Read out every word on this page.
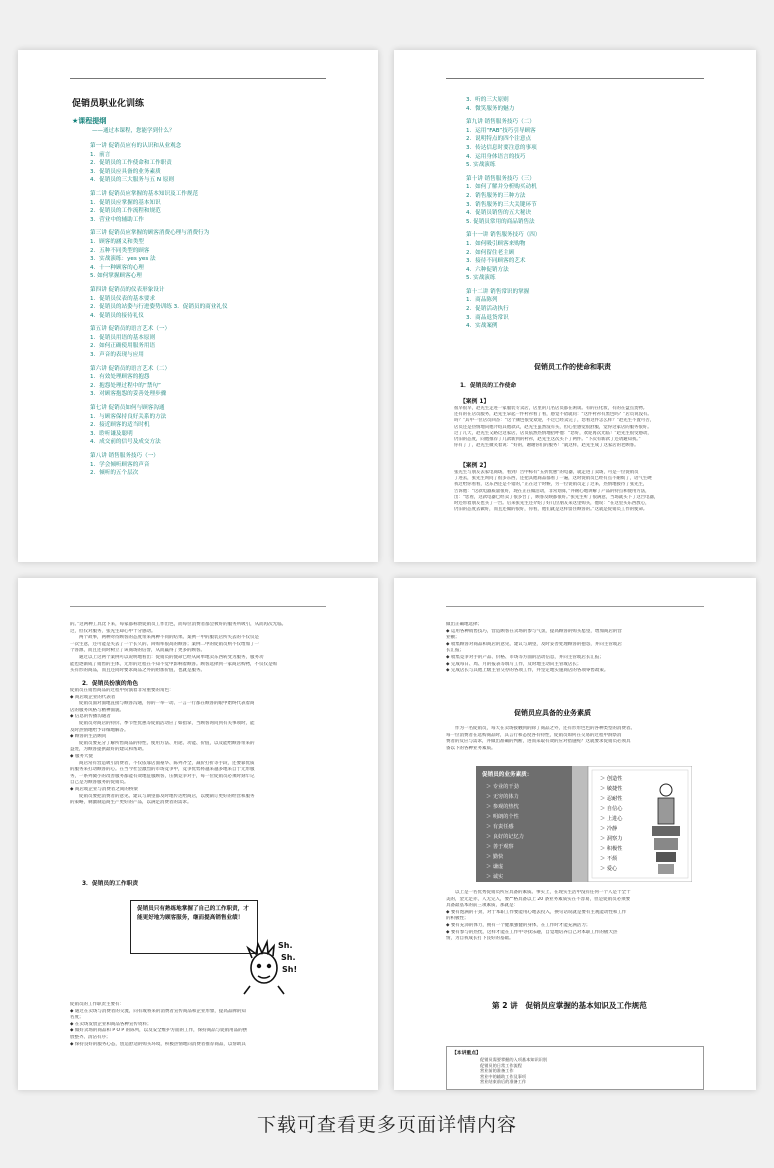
促销员职业化训练
★课程提纲
——通过本课程，您能学到什么？
第一讲 促销员应有的认识和从业观念
1．前言
2．促销员的工作使命和工作职责
3．促销员应具备的业务素质
4．促销员的三大服务与五 N 原则
第二讲 促销员应掌握的基本知识及工作规范
1．促销员应掌握的基本知识
2．促销员的工作流程和规范
3．营业中的辅助工作
第三讲 促销员应掌握的顾客消费心理与消费行为
1．顾客的涵义和类型
2．五种不同类型的顾客
3．实战演练：yes yes 法
4．十一种顾客的心理
5. 如何掌握顾客心理
第四讲 促销员的仪表形象设计
1．促销员仪表的基本要求
2．促销员的站姿与行进姿势训练 3．促销员的商业礼仪
4．促销员的接待礼仪
第五讲 促销员的语言艺术（一）
1．促销员用语的基本原则
2．如何正确使用服务用语
3．声音的表现与应用
第六讲 促销员的语言艺术（二）
1．有效处理顾客的抱怨
2．抱怨处理过程中的“禁句”
3．对顾客抱怨的妥善处理步骤
第七讲 促销员如何与顾客沟通
1．与顾客保持良好关系的方法
2．接近顾客的适当时机
3．聆听谦及聪明
4．成交前的信号及成交方法
第八讲 销售服务技巧（一）
1．学会倾听顾客的声音
2．倾听的五个层次
3．听的三大原则
4．微笑服务的魅力
第九讲 销售服务技巧（二）
1．运用“FAB”技巧引导顾客
2．说明特点的四个注意点
3．传达信息时要注意的事项
4．运用身体语言的技巧
5. 实战演练
第十讲 销售服务技巧（三）
1．如何了解并分析购买动机
2．销售服务的三种方法
3．销售服务的三大关键环节
4．促销员销售的五大秘诀
5. 促销员常用的商品销售法
第十一讲 销售服务技巧（四）
1．如何吸引顾客来购物
2．如何留住老主顾
3．接待不同顾客的艺术
4．六种促销方法
5. 实战演练
第十二讲 销售常识的掌握
1．商品陈列
2．促销活动执行
3．商品退货常识
4．实战案例
促销员工作的使命和职责
1．促销员的工作使命
【案例 1】
很早很早，赵先生走进一家服装专卖店，店里的几名店员都在闲谈。有的在化妆，有的在盘点货物。
还有的在店员服务，赵先生拿起一件衬衫看了看，感觉不错就问：“这件衬衫有黑色吗？”店员说没有。
吗？”其中一位店员回答：“这个颜色很受欢迎，不过已经卖完了，您看这件怎么样？”赵先生不置可否，
店员还是热情地向他介绍其他款式，赵先生虽然没有买，但心里感觉很舒服，觉得这家店的服务很好。
过了几天，赵先生又路过这家店，店员依然热情地招呼他：“您好，欢迎再次光临！”赵先生很受感动，
仍旧的态度，向他推荐了几款新到的衬衫，赵先生这次买下了两件。“下次有新款了还请通知我。”
你有了了，赵先生微笑着说：“好的，谢谢你们的服务！”就这样，赵先生成了这家店的老顾客。
【案例 2】
张先生与朋友去家电商场，看到广告中标有“五折优惠”的电器，就走进了卖场，可是一位促销员
了进去，张先生询问了很多东西，还把其他商品都看了一遍，这时促销员已经有点不耐烦了，语气生硬
我过给你看看，这东西还是不错的，”正在这个时候，另一位促销员走了过来，热情地接待了张先生，
告诉他：“这款电器质量很好，现在正在做活动，非常划算，”并耐心地讲解了产品的特点和使用方法，
出：“您看，这款电器已经卖了很多台了，顾客反映都很好。”张先生听了很满意，当场就买下了这台电器，
时还带着朋友也买了一台。后来张先生还介绍了好几位朋友来这里购买，他说：“在这里买东西放心，
仍旧的态度去做好，而且还做的很好，你看，他们就是这样留住顾客的。”这就是促销员工作的使命。
的。”这两种工具比下来，每家都称赞促销员工作出色，而每位消费者都会被好的服务所吸引，从而再次光临。
过，但仅对服务，张先生却心中十分感动。
　　两个故事，两种对待顾客的态度带来两种不同的结果。案例一中的服装店所失去的不仅仅是
一次生意，还可能是失去了一个长久的、回购率很高的顾客；案例二中的促销员则不仅增加了一
个客源，而且还同时树立了该商场的信誉，从而赢得了更多的顾客。
　　通过以上这两个案例可以说明地看出：促销员的使命已经从简单地卖东西转变为服务，服务功
能也逐渐成了销售的主体，无形的过程在不知不觉中影响着顾客。顾客选择到一家商店购物，不仅仅是购
买有形的商品，而且还同时要求商品之外的附加价值，也就是服务。
2．促销员扮演的角色
促销员在销售商品的过程中扮演着非常重要的角色：
◆ 商店或企业的代表者
　　促销员面对面地直接与顾客沟通，你的一举一动、一言一行都在顾客的眼中始终代表着商
店的服务风格与精神面貌。
◆ 信息的传播沟通者
　　促销员对商店的特价、季节性优惠等促销活动应了如指掌，当顾客询问到有关事项时，能
及时热情地给予详细地解答。
◆ 顾客的生活顾问
　　促销员要充分了解所售商品的特性、使用方法、用途、功能、价值，以及能给顾客带来的
益处，为顾客提供最好的建议和帮助。
◆ 服务大使
　　商店常有营造吸引消费者，不仅依靠店面豪华、陈列齐全，减价打折等手段，还要靠优质
的服务来打动顾客的心。在当今社会激烈的市场竞争中，竞争优势将越来越多地来自于无形服
务，一系列微小的改善服务都能有效地征服顾客，压倒竞争对手，每一位促销员必须时刻牢记
自己是为顾客服务的促销员。
◆ 商店或企业与消费者之间的桥梁
　　促销员要把消费者的意见、建议与期望都及时地传达给商店，以便制订更好的经营和服务
的策略，刺激制造商生产更好的产品，以满足消费者的需求。
3．促销员的工作职责
促销员只有熟练地掌握了自己的工作职责，才能更好地为顾客服务，继而提高销售业绩！
Sh.
Sh.
Sh!
促销员的工作职责主要有：
◆ 通过在卖场与消费者的交流，向有或将来的消费者宣传商品和企业形象，提高品牌的知
名度；
◆ 在卖场发放企业和商品各种宣传资料；
◆ 做好卖场的商品和 P O P 的陈列，以及安全维护方面的工作，保持商品与促销用品的摆
放整齐、清洁有序；
◆ 保持良好的服务心态，创造舒适的购买环境，积极热情地向消费者推荐商品，以帮助其
做出正确地选择；
◆ 运用各种销售技巧，营造顾客在卖场的参与气氛，提高顾客的购买愿望，增加商店的营
业额；
◆ 收集顾客对商品和商店的意见，建议与期望，及时妥善处理顾客的抱怨，并向主管或店
长汇报；
◆ 收集竞争对手的产品、价格、市场等方面的活动信息，并向主管或店长汇报；
◆ 完成每日、周、月的报表等填写工作，及时地主动向主管或店长；
◆ 完成店长与其他上级主管交办的各项工作，并坚定地实施商店的各项零售政策。
促销员应具备的业务素质
　　作为一名促销员，每天在卖场接触到的除了商品之外，还有形形色色的各种类型的消费者。
每一位消费者在选购商品时，其言行和态度各有特性，促销员如何在交易的过程中洞察消
费者的反应与需求，并做出准确的判断，进而采取有效的应对措施呢？这就要求促销员必须具
备以下的各种业务素质。
促销员的业务素质：
＞ 专业的干劲
＞ 无穷的体力
＞ 参观的热忱
＞ 明朗的个性
＞ 有责任感
＞ 良好的记忆力
＞ 善于观察
＞ 勤快
＞ 谦虚
＞ 诚实
＞ 创造性
＞ 敏捷性
＞ 忍耐性
＞ 自信心
＞ 上进心
＞ 冷静
＞ 洞察力
＞ 积极性
＞ 不烦
＞ 爱心
　　以上是一名优秀促销员所应具备的素质。事实上，在现实生活中没有任何一个人是十全十
美的，金无足赤，人无完人，要严格具备以上 20 条业务素质实在不容易，但是促销员必须要
具备最基本的前三项素质，那就是：
◆ 要有饱满的干劲，对于本职工作要能用心地去投入，换句话说就是要有主观能动性和工作
的积极性；
◆ 要有充沛的体力，拥有一个健康强健的身体，在工作时才能充满活力；
◆ 要有参与的热忱，这样才能在工作中寻找乐趣，自觉地培养自己对本职工作的极大热
情，为自我成长打下良好的基础。
第 2 讲　促销员应掌握的基本知识及工作规范
【本讲重点】
促销员需要掌握的入项基本知识识别
促销员的日常工作流程
营业前的准备工作
营业中的辅助工作及事项
营业结束前后的准备工作
下载可查看更多页面详情内容
